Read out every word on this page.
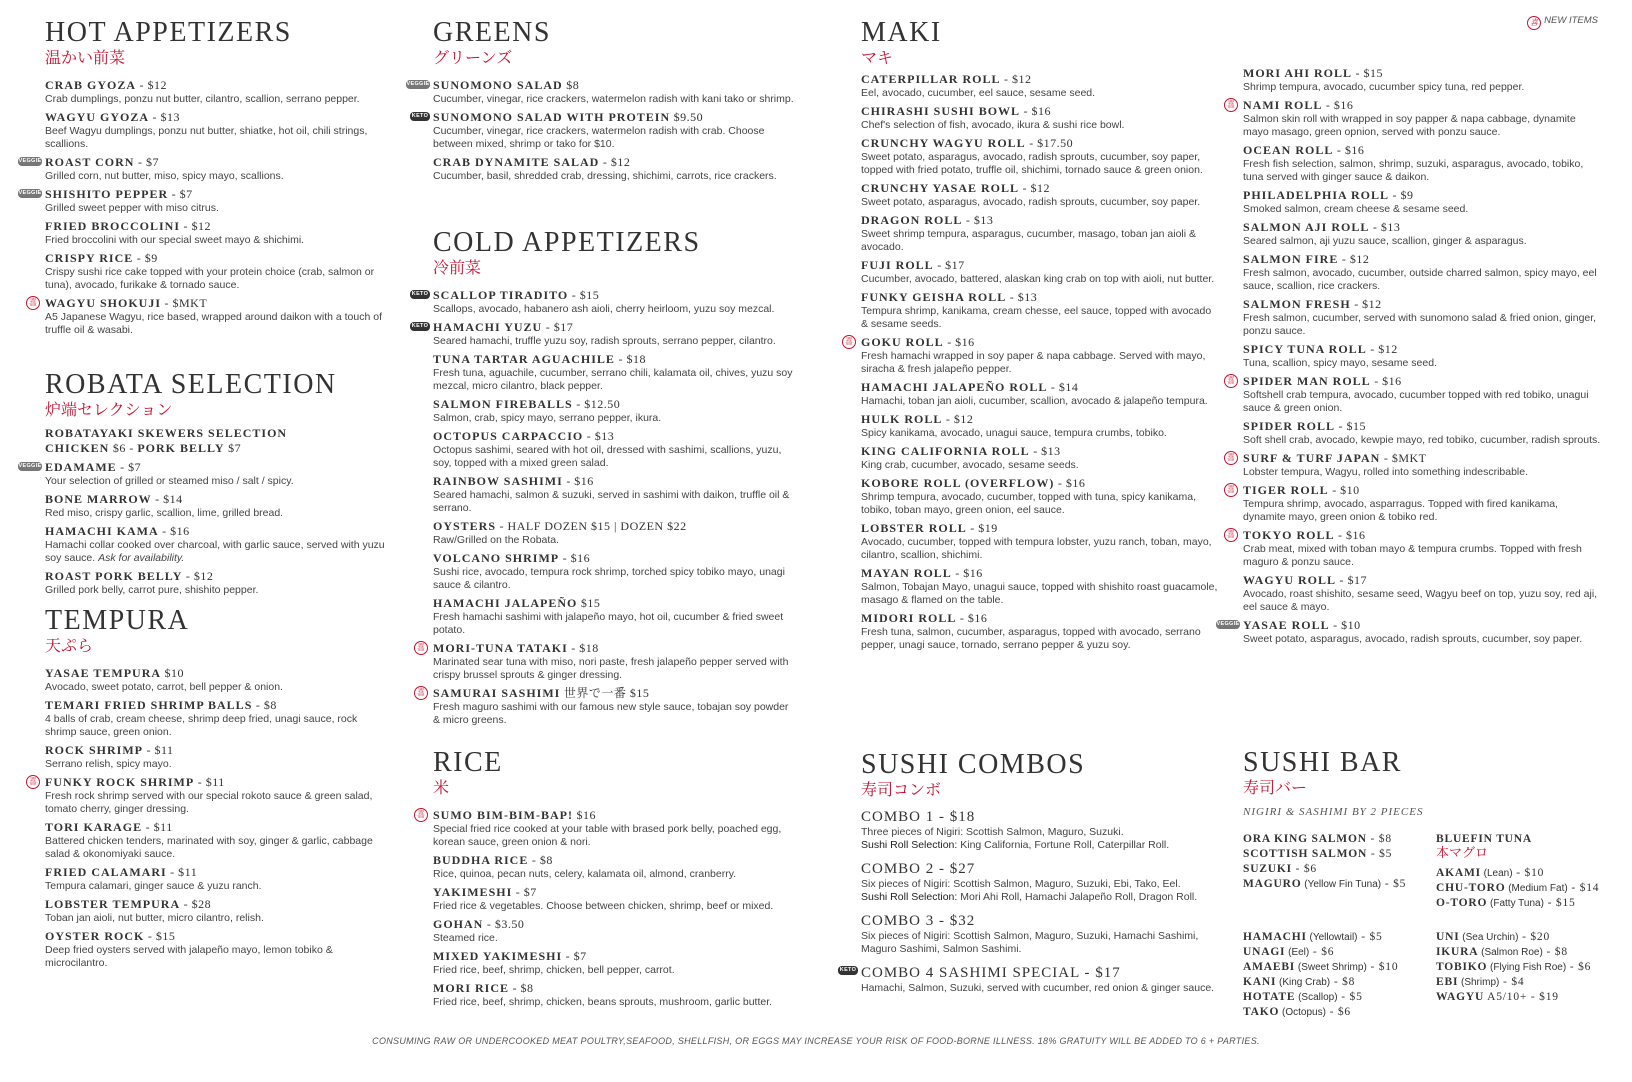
喜 NEW ITEMS
HOT APPETIZERS
温かい前菜
CRAB GYOZA - $12
Crab dumplings, ponzu nut butter, cilantro, scallion, serrano pepper.
WAGYU GYOZA - $13
Beef Wagyu dumplings, ponzu nut butter, shiatke, hot oil, chili strings, scallions.
VEGGIE ROAST CORN - $7
Grilled corn, nut butter, miso, spicy mayo, scallions.
VEGGIE SHISHITO PEPPER - $7
Grilled sweet pepper with miso citrus.
FRIED BROCCOLINI - $12
Fried broccolini with our special sweet mayo & shichimi.
CRISPY RICE - $9
Crispy sushi rice cake topped with your protein choice (crab, salmon or tuna), avocado, furikake & tornado sauce.
喜 WAGYU SHOKUJI - $MKT
A5 Japanese Wagyu, rice based, wrapped around daikon with a touch of truffle oil & wasabi.
ROBATA SELECTION
炉端セレクション
ROBATAYAKI SKEWERS SELECTION
CHICKEN $6 - PORK BELLY $7
VEGGIE EDAMAME - $7
Your selection of grilled or steamed miso / salt / spicy.
BONE MARROW - $14
Red miso, crispy garlic, scallion, lime, grilled bread.
HAMACHI KAMA - $16
Hamachi collar cooked over charcoal, with garlic sauce, served with yuzu soy sauce. Ask for availability.
ROAST PORK BELLY - $12
Grilled pork belly, carrot pure, shishito pepper.
TEMPURA
天ぷら
YASAE TEMPURA $10
Avocado, sweet potato, carrot, bell pepper & onion.
TEMARI FRIED SHRIMP BALLS - $8
4 balls of crab, cream cheese, shrimp deep fried, unagi sauce, rock shrimp sauce, green onion.
ROCK SHRIMP - $11
Serrano relish, spicy mayo.
喜 FUNKY ROCK SHRIMP - $11
Fresh rock shrimp served with our special rokoto sauce & green salad, tomato cherry, ginger dressing.
TORI KARAGE - $11
Battered chicken tenders, marinated with soy, ginger & garlic, cabbage salad & okonomiyaki sauce.
FRIED CALAMARI - $11
Tempura calamari, ginger sauce & yuzu ranch.
LOBSTER TEMPURA - $28
Toban jan aioli, nut butter, micro cilantro, relish.
OYSTER ROCK - $15
Deep fried oysters served with jalapeño mayo, lemon tobiko & microcilantro.
GREENS
グリーンズ
VEGGIE SUNOMONO SALAD $8
Cucumber, vinegar, rice crackers, watermelon radish with kani tako or shrimp.
KETO SUNOMONO SALAD WITH PROTEIN $9.50
Cucumber, vinegar, rice crackers, watermelon radish with crab. Choose between mixed, shrimp or tako for $10.
CRAB DYNAMITE SALAD - $12
Cucumber, basil, shredded crab, dressing, shichimi, carrots, rice crackers.
COLD APPETIZERS
冷前菜
KETO SCALLOP TIRADITO - $15
Scallops, avocado, habanero ash aioli, cherry heirloom, yuzu soy mezcal.
KETO HAMACHI YUZU - $17
Seared hamachi, truffle yuzu soy, radish sprouts, serrano pepper, cilantro.
TUNA TARTAR AGUACHILE - $18
Fresh tuna, aguachile, cucumber, serrano chili, kalamata oil, chives, yuzu soy mezcal, micro cilantro, black pepper.
SALMON FIREBALLS - $12.50
Salmon, crab, spicy mayo, serrano pepper, ikura.
OCTOPUS CARPACCIO - $13
Octopus sashimi, seared with hot oil, dressed with sashimi, scallions, yuzu, soy, topped with a mixed green salad.
RAINBOW SASHIMI - $16
Seared hamachi, salmon & suzuki, served in sashimi with daikon, truffle oil & serrano.
OYSTERS - HALF DOZEN $15 | DOZEN $22
Raw/Grilled on the Robata.
VOLCANO SHRIMP - $16
Sushi rice, avocado, tempura rock shrimp, torched spicy tobiko mayo, unagi sauce & cilantro.
HAMACHI JALAPEÑO $15
Fresh hamachi sashimi with jalapeño mayo, hot oil, cucumber & fried sweet potato.
喜 MORI-TUNA TATAKI - $18
Marinated sear tuna with miso, nori paste, fresh jalapeño pepper served with crispy brussel sprouts & ginger dressing.
喜 SAMURAI SASHIMI 世界で一番 $15
Fresh maguro sashimi with our famous new style sauce, tobajan soy powder & micro greens.
RICE
米
喜 SUMO BIM-BIM-BAP! $16
Special fried rice cooked at your table with brased pork belly, poached egg, korean sauce, green onion & nori.
BUDDHA RICE - $8
Rice, quinoa, pecan nuts, celery, kalamata oil, almond, cranberry.
YAKIMESHI - $7
Fried rice & vegetables. Choose between chicken, shrimp, beef or mixed.
GOHAN - $3.50
Steamed rice.
MIXED YAKIMESHI - $7
Fried rice, beef, shrimp, chicken, bell pepper, carrot.
MORI RICE - $8
Fried rice, beef, shrimp, chicken, beans sprouts, mushroom, garlic butter.
MAKI
マキ
CATERPILLAR ROLL - $12
Eel, avocado, cucumber, eel sauce, sesame seed.
CHIRASHI SUSHI BOWL - $16
Chef's selection of fish, avocado, ikura & sushi rice bowl.
CRUNCHY WAGYU ROLL - $17.50
Sweet potato, asparagus, avocado, radish sprouts, cucumber, soy paper, topped with fried potato, truffle oil, shichimi, tornado sauce & green onion.
CRUNCHY YASAE ROLL - $12
Sweet potato, asparagus, avocado, radish sprouts, cucumber, soy paper.
DRAGON ROLL - $13
Sweet shrimp tempura, asparagus, cucumber, masago, toban jan aioli & avocado.
FUJI ROLL - $17
Cucumber, avocado, battered, alaskan king crab on top with aioli, nut butter.
FUNKY GEISHA ROLL - $13
Tempura shrimp, kanikama, cream chesse, eel sauce, topped with avocado & sesame seeds.
喜 GOKU ROLL - $16
Fresh hamachi wrapped in soy paper & napa cabbage. Served with mayo, siracha & fresh jalapeño pepper.
HAMACHI JALAPEÑO ROLL - $14
Hamachi, toban jan aioli, cucumber, scallion, avocado & jalapeño tempura.
HULK ROLL - $12
Spicy kanikama, avocado, unagui sauce, tempura crumbs, tobiko.
KING CALIFORNIA ROLL - $13
King crab, cucumber, avocado, sesame seeds.
KOBORE ROLL (OVERFLOW) - $16
Shrimp tempura, avocado, cucumber, topped with tuna, spicy kanikama, tobiko, toban mayo, green onion, eel sauce.
LOBSTER ROLL - $19
Avocado, cucumber, topped with tempura lobster, yuzu ranch, toban, mayo, cilantro, scallion, shichimi.
MAYAN ROLL - $16
Salmon, Tobajan Mayo, unagui sauce, topped with shishito roast guacamole, masago & flamed on the table.
MIDORI ROLL - $16
Fresh tuna, salmon, cucumber, asparagus, topped with avocado, serrano pepper, unagi sauce, tornado, serrano pepper & yuzu soy.
SUSHI COMBOS
寿司コンボ
COMBO 1 - $18
Three pieces of Nigiri: Scottish Salmon, Maguro, Suzuki.
Sushi Roll Selection: King California, Fortune Roll, Caterpillar Roll.
COMBO 2 - $27
Six pieces of Nigiri: Scottish Salmon, Maguro, Suzuki, Ebi, Tako, Eel.
Sushi Roll Selection: Mori Ahi Roll, Hamachi Jalapeño Roll, Dragon Roll.
COMBO 3 - $32
Six pieces of Nigiri: Scottish Salmon, Maguro, Suzuki, Hamachi Sashimi, Maguro Sashimi, Salmon Sashimi.
KETO COMBO 4 SASHIMI SPECIAL - $17
Hamachi, Salmon, Suzuki, served with cucumber, red onion & ginger sauce.
MORI AHI ROLL - $15
Shrimp tempura, avocado, cucumber spicy tuna, red pepper.
喜 NAMI ROLL - $16
Salmon skin roll with wrapped in soy papper & napa cabbage, dynamite mayo masago, green opnion, served with ponzu sauce.
OCEAN ROLL - $16
Fresh fish selection, salmon, shrimp, suzuki, asparagus, avocado, tobiko, tuna served with ginger sauce & daikon.
PHILADELPHIA ROLL - $9
Smoked salmon, cream cheese & sesame seed.
SALMON AJI ROLL - $13
Seared salmon, aji yuzu sauce, scallion, ginger & asparagus.
SALMON FIRE - $12
Fresh salmon, avocado, cucumber, outside charred salmon, spicy mayo, eel sauce, scallion, rice crackers.
SALMON FRESH - $12
Fresh salmon, cucumber, served with sunomono salad & fried onion, ginger, ponzu sauce.
SPICY TUNA ROLL - $12
Tuna, scallion, spicy mayo, sesame seed.
喜 SPIDER MAN ROLL - $16
Softshell crab tempura, avocado, cucumber topped with red tobiko, unagui sauce & green onion.
SPIDER ROLL - $15
Soft shell crab, avocado, kewpie mayo, red tobiko, cucumber, radish sprouts.
喜 SURF & TURF JAPAN - $MKT
Lobster tempura, Wagyu, rolled into something indescribable.
喜 TIGER ROLL - $10
Tempura shrimp, avocado, asparragus. Topped with fired kanikama, dynamite mayo, green onion & tobiko red.
喜 TOKYO ROLL - $16
Crab meat, mixed with toban mayo & tempura crumbs. Topped with fresh maguro & ponzu sauce.
WAGYU ROLL - $17
Avocado, roast shishito, sesame seed, Wagyu beef on top, yuzu soy, red aji, eel sauce & mayo.
VEGGIE YASAE ROLL - $10
Sweet potato, asparagus, avocado, radish sprouts, cucumber, soy paper.
SUSHI BAR
寿司バー
NIGIRI & SASHIMI BY 2 PIECES
ORA KING SALMON - $8
SCOTTISH SALMON - $5
SUZUKI - $6
MAGURO (Yellow Fin Tuna) - $5
BLUEFIN TUNA
本マグロ
AKAMI (Lean) - $10
CHU-TORO (Medium Fat) - $14
O-TORO (Fatty Tuna) - $15
HAMACHI (Yellowtail) - $5
UNAGI (Eel) - $6
AMAEBI (Sweet Shrimp) - $10
KANI (King Crab) - $8
HOTATE (Scallop) - $5
TAKO (Octopus) - $6
UNI (Sea Urchin) - $20
IKURA (Salmon Roe) - $8
TOBIKO (Flying Fish Roe) - $6
EBI (Shrimp) - $4
WAGYU A5/10+ - $19
CONSUMING RAW OR UNDERCOOKED MEAT POULTRY,SEAFOOD, SHELLFISH, OR EGGS MAY INCREASE YOUR RISK OF FOOD-BORNE ILLNESS. 18% GRATUITY WILL BE ADDED TO 6 + PARTIES.
